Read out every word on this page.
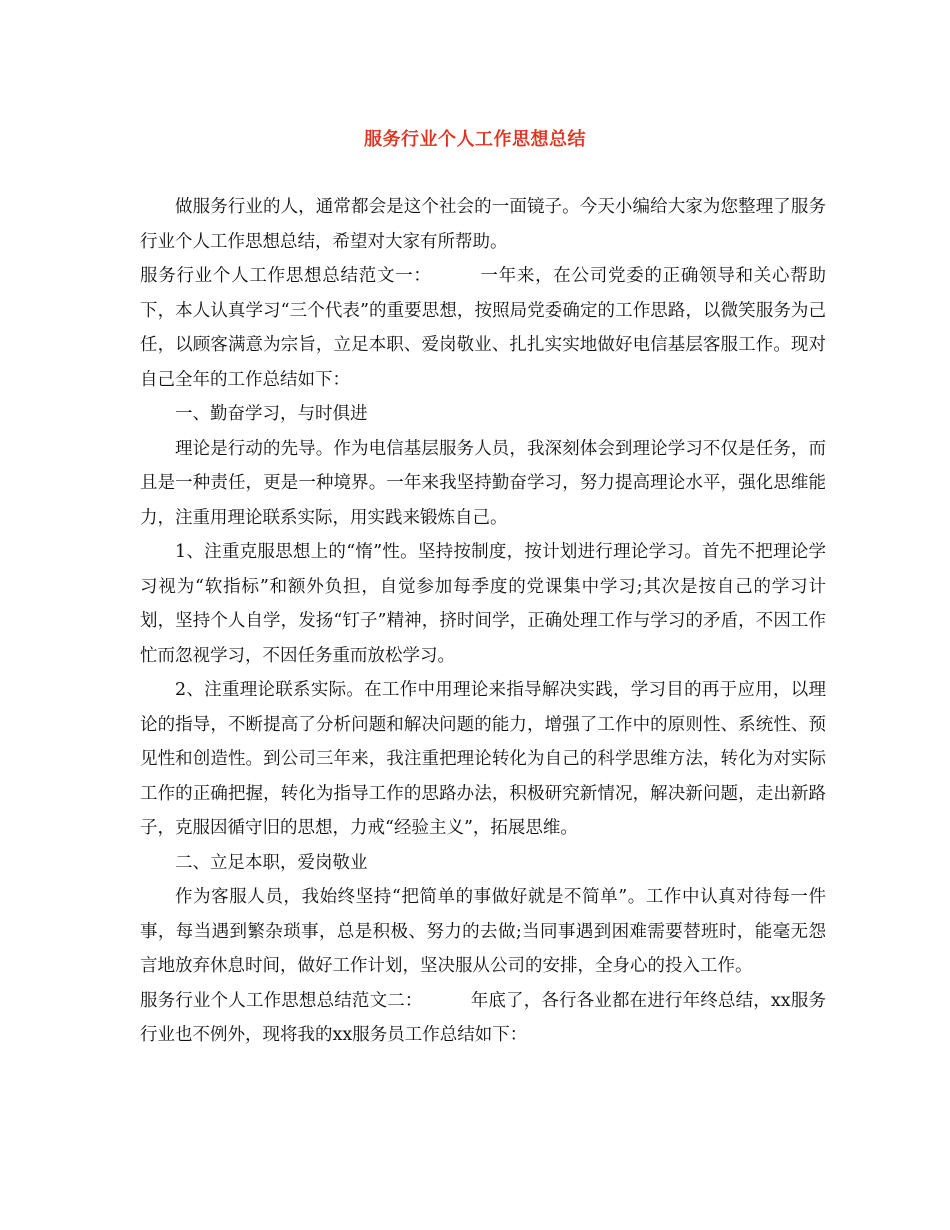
服务行业个人工作思想总结

做服务行业的人，通常都会是这个社会的一面镜子。今天小编给大家为您整理了服务行业个人工作思想总结，希望对大家有所帮助。

服务行业个人工作思想总结范文一：	一年来，在公司党委的正确领导和关心帮助下，本人认真学习“三个代表”的重要思想，按照局党委确定的工作思路，以微笑服务为己任，以顾客满意为宗旨，立足本职、爱岗敬业、扎扎实实地做好电信基层客服工作。现对自己全年的工作总结如下：

一、勤奋学习，与时俱进

理论是行动的先导。作为电信基层服务人员，我深刻体会到理论学习不仅是任务，而且是一种责任，更是一种境界。一年来我坚持勤奋学习，努力提高理论水平，强化思维能力，注重用理论联系实际，用实践来锻炼自己。

1、注重克服思想上的“惰”性。坚持按制度，按计划进行理论学习。首先不把理论学习视为“软指标”和额外负担，自觉参加每季度的党课集中学习;其次是按自己的学习计划，坚持个人自学，发扬“钉子”精神，挤时间学，正确处理工作与学习的矛盾，不因工作忙而忽视学习，不因任务重而放松学习。

2、注重理论联系实际。在工作中用理论来指导解决实践，学习目的再于应用，以理论的指导，不断提高了分析问题和解决问题的能力，增强了工作中的原则性、系统性、预见性和创造性。到公司三年来，我注重把理论转化为自己的科学思维方法，转化为对实际工作的正确把握，转化为指导工作的思路办法，积极研究新情况，解决新问题，走出新路子，克服因循守旧的思想，力戒“经验主义”，拓展思维。

二、立足本职，爱岗敬业

作为客服人员，我始终坚持“把简单的事做好就是不简单”。工作中认真对待每一件事，每当遇到繁杂琐事，总是积极、努力的去做;当同事遇到困难需要替班时，能毫无怨言地放弃休息时间，做好工作计划，坚决服从公司的安排，全身心的投入工作。

服务行业个人工作思想总结范文二：	年底了，各行各业都在进行年终总结，xx服务行业也不例外，现将我的xx服务员工作总结如下：
